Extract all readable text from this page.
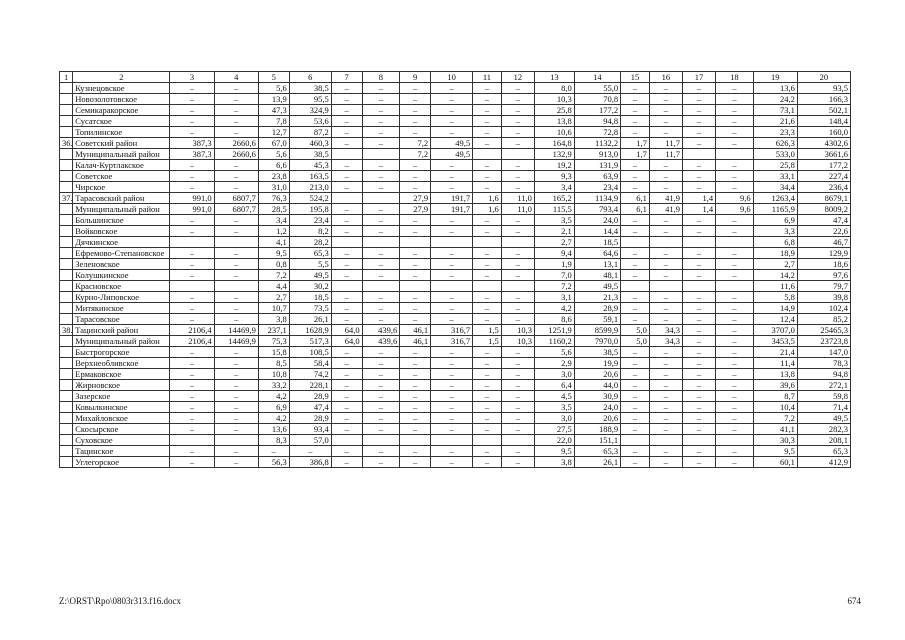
1	2	3	4	5	6	7	8	9	10	11	12	13	14	15	16	17	18	19	20
	Кузнецовское	–	–	5,6	38,5	–	–	–	–	–	–	8,0	55,0	–	–	–	–	13,6	93,5
	Новозолотовское	–	–	13,9	95,5	–	–	–	–	–	–	10,3	70,8	–	–	–	–	24,2	166,3
	Семикаракорское	–	–	47,3	324,9	–	–	–	–	–	–	25,8	177,2	–	–	–	–	73,1	502,1
	Сусатское	–	–	7,8	53,6	–	–	–	–	–	–	13,8	94,8	–	–	–	–	21,6	148,4
	Топилинское	–	–	12,7	87,2	–	–	–	–	–	–	10,6	72,8	–	–	–	–	23,3	160,0
36.	Советский район	387,3	2660,6	67,0	460,3	–	–	7,2	49,5	–	–	164,8	1132,2	1,7	11,7	–	–	626,3	4302,6
	Муниципальный район	387,3	2660,6	5,6	38,5			7,2	49,5			132,9	913,0	1,7	11,7			533,0	3661,6
	Калач-Куртлакское	–	–	6,6	45,3	–	–	–	–	–	–	19,2	131,9	–	–	–	–	25,8	177,2
	Советское	–	–	23,8	163,5	–	–	–	–	–	–	9,3	63,9	–	–	–	–	33,1	227,4
	Чирское	–	–	31,0	213,0	–	–	–	–	–	–	3,4	23,4	–	–	–	–	34,4	236,4
37.	Тарасовский район	991,0	6807,7	76,3	524,2			27,9	191,7	1,6	11,0	165,2	1134,9	6,1	41,9	1,4	9,6	1263,4	8679,1
	Муниципальный район	991,0	6807,7	28,5	195,8	–	–	27,9	191,7	1,6	11,0	115,5	793,4	6,1	41,9	1,4	9,6	1165,9	8009,2
	Большинское	–	–	3,4	23,4	–	–	–	–	–	–	3,5	24,0	–	–	–	–	6,9	47,4
	Войковское	–	–	1,2	8,2	–	–	–	–	–	–	2,1	14,4	–	–	–	–	3,3	22,6
	Дячкинское			4,1	28,2							2,7	18,5					6,8	46,7
	Ефремово-Степановское	–	–	9,5	65,3	–	–	–	–	–	–	9,4	64,6	–	–	–	–	18,9	129,9
	Зеленовское	–	–	0,8	5,5	–	–	–	–	–	–	1,9	13,1	–	–	–	–	2,7	18,6
	Колушкинское	–	–	7,2	49,5	–	–	–	–	–	–	7,0	48,1	–	–	–	–	14,2	97,6
	Красновское			4,4	30,2							7,2	49,5					11,6	79,7
	Курно-Липовское	–	–	2,7	18,5	–	–	–	–	–	–	3,1	21,3	–	–	–	–	5,8	39,8
	Митякинское	–	–	10,7	73,5	–	–	–	–	–	–	4,2	28,9	–	–	–	–	14,9	102,4
	Тарасовское	–	–	3,8	26,1	–	–	–	–	–	–	8,6	59,1	–	–	–	–	12,4	85,2
38.	Тацинский район	2106,4	14469,9	237,1	1628,9	64,0	439,6	46,1	316,7	1,5	10,3	1251,9	8599,9	5,0	34,3	–	–	3707,0	25465,3
	Муниципальный район	2106,4	14469,9	75,3	517,3	64,0	439,6	46,1	316,7	1,5	10,3	1160,2	7970,0	5,0	34,3	–	–	3453,5	23723,8
	Быстрогорское	–	–	15,8	108,5	–	–	–	–	–	–	5,6	38,5	–	–	–	–	21,4	147,0
	Верхнеобливское	–	–	8,5	58,4	–	–	–	–	–	–	2,9	19,9	–	–	–	–	11,4	78,3
	Ермаковское	–	–	10,8	74,2	–	–	–	–	–	–	3,0	20,6	–	–	–	–	13,8	94,8
	Жирновское	–	–	33,2	228,1	–	–	–	–	–	–	6,4	44,0	–	–	–	–	39,6	272,1
	Зазерское	–	–	4,2	28,9	–	–	–	–	–	–	4,5	30,9	–	–	–	–	8,7	59,8
	Ковылкинское	–	–	6,9	47,4	–	–	–	–	–	–	3,5	24,0	–	–	–	–	10,4	71,4
	Михайловское	–	–	4,2	28,9	–	–	–	–	–	–	3,0	20,6	–	–	–	–	7,2	49,5
	Скосырское	–	–	13,6	93,4	–	–	–	–	–	–	27,5	188,9	–	–	–	–	41,1	282,3
	Суховское			8,3	57,0							22,0	151,1					30,3	208,1
	Тацинское	–	–	–	–	–	–	–	–	–	–	9,5	65,3	–	–	–	–	9,5	65,3
	Углегорское	–	–	56,3	386,8	–	–	–	–	–	–	3,8	26,1	–	–	–	–	60,1	412,9
Z:\ORST\Rpo\0803r313.f16.docx	674
